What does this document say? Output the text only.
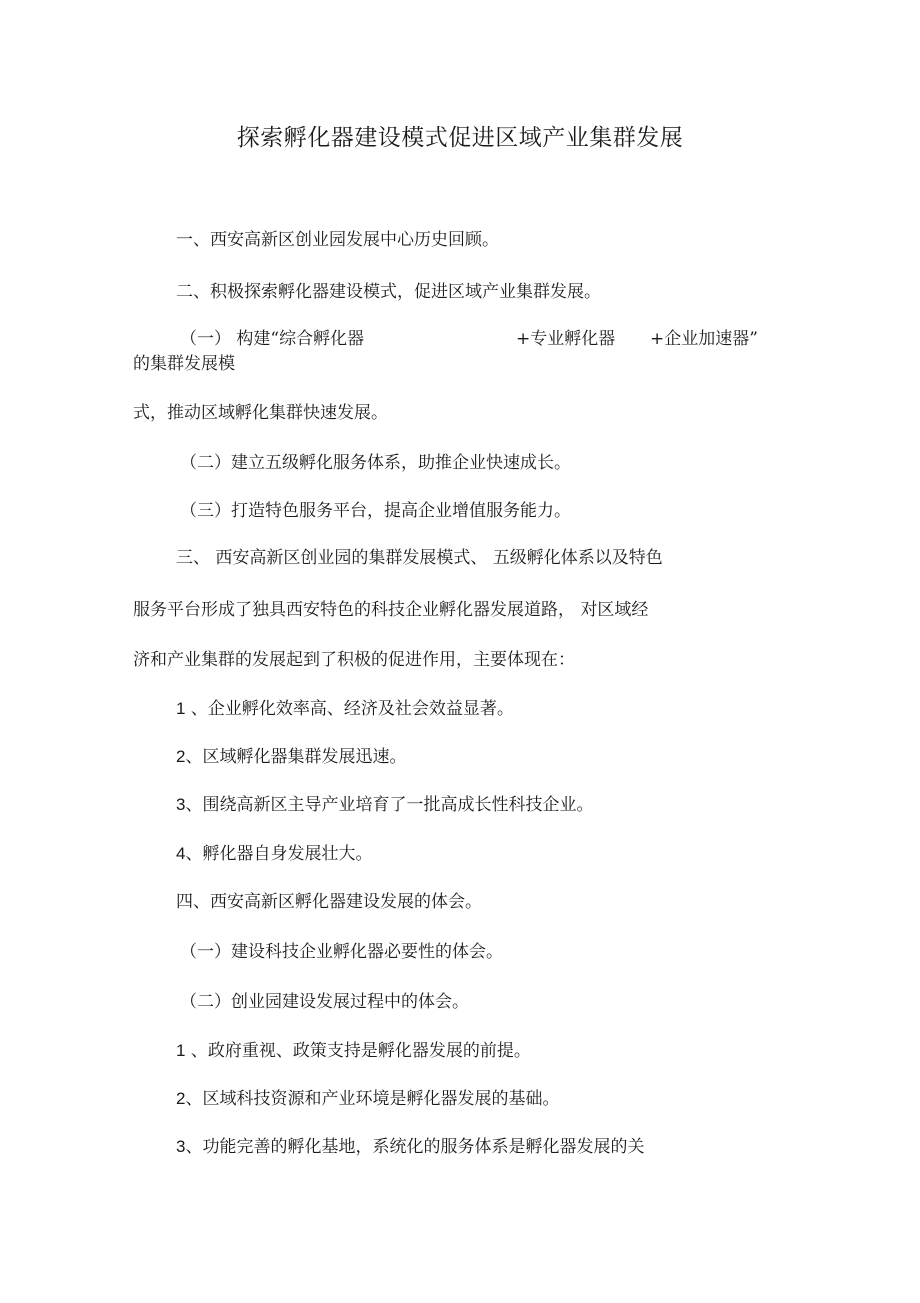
探索孵化器建设模式促进区域产业集群发展
一、西安高新区创业园发展中心历史回顾。
二、积极探索孵化器建设模式，促进区域产业集群发展。
（一） 构建“综合孵化器	+专业孵化器 +企业加速器”
的集群发展模
式，推动区域孵化集群快速发展。
（二）建立五级孵化服务体系，助推企业快速成长。
（三）打造特色服务平台，提高企业增值服务能力。
三、 西安高新区创业园的集群发展模式、 五级孵化体系以及特色
服务平台形成了独具西安特色的科技企业孵化器发展道路， 对区域经
济和产业集群的发展起到了积极的促进作用，主要体现在：
1 、企业孵化效率高、经济及社会效益显著。
2、区域孵化器集群发展迅速。
3、围绕高新区主导产业培育了一批高成长性科技企业。
4、孵化器自身发展壮大。
四、西安高新区孵化器建设发展的体会。
（一）建设科技企业孵化器必要性的体会。
（二）创业园建设发展过程中的体会。
1 、政府重视、政策支持是孵化器发展的前提。
2、区域科技资源和产业环境是孵化器发展的基础。
3、功能完善的孵化基地，系统化的服务体系是孵化器发展的关
